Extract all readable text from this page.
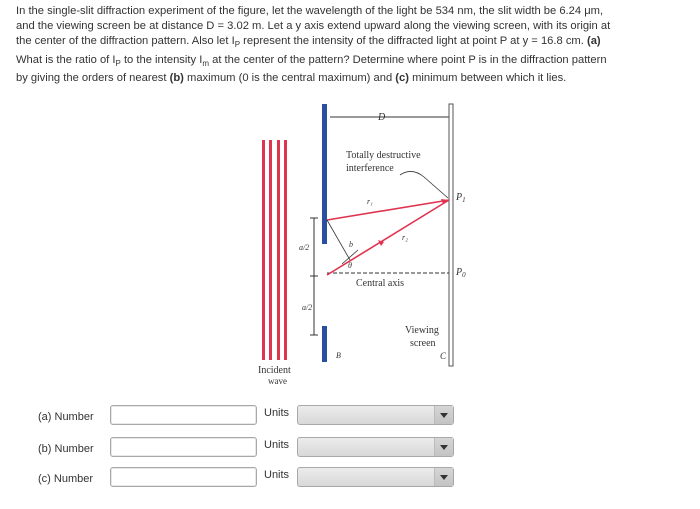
In the single-slit diffraction experiment of the figure, let the wavelength of the light be 534 nm, the slit width be 6.24 μm,
and the viewing screen be at distance D = 3.02 m. Let a y axis extend upward along the viewing screen, with its origin at
the center of the diffraction pattern. Also let $I_P$ represent the intensity of the diffracted light at point P at y = 16.8 cm. (a)
What is the ratio of $I_P$ to the intensity $I_m$ at the center of the pattern? Determine where point P is in the diffraction pattern
by giving the orders of nearest (b) maximum (0 is the central maximum) and (c) minimum between which it lies.
a/2
a/2
D
b
θ
r₁
r₂
Totally destructive
interference
$P_1$
$P_0$
Central axis
Viewing
screen
C
B
Incident
wave
(a) Number	Units
(b) Number	Units
(c) Number	Units
